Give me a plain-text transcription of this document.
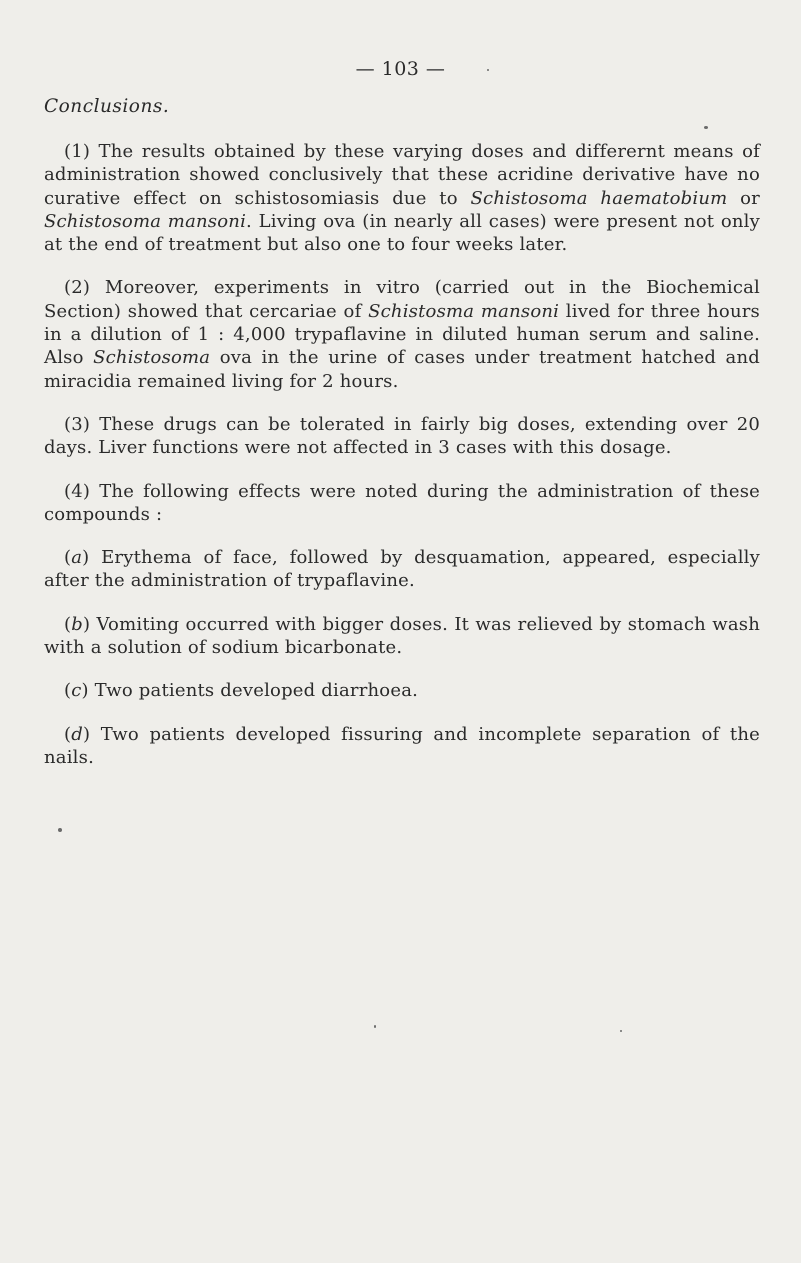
— 103 —
Conclusions.

(1) The results obtained by these varying doses and differernt means of administration showed conclusively that these acridine derivative have no curative effect on schistosomiasis due to Schistosoma haematobium or Schistosoma mansoni. Living ova (in nearly all cases) were present not only at the end of treatment but also one to four weeks later.

(2) Moreover, experiments in vitro (carried out in the Biochemical Section) showed that cercariae of Schistosma mansoni lived for three hours in a dilution of 1 : 4,000 trypaflavine in diluted human serum and saline. Also Schistosoma ova in the urine of cases under treatment hatched and miracidia remained living for 2 hours.

(3) These drugs can be tolerated in fairly big doses, extending over 20 days. Liver functions were not affected in 3 cases with this dosage.

(4) The following effects were noted during the administration of these compounds :

(a) Erythema of face, followed by desquamation, appeared, especially after the administration of trypaflavine.

(b) Vomiting occurred with bigger doses. It was relieved by stomach wash with a solution of sodium bicarbonate.

(c) Two patients developed diarrhoea.

(d) Two patients developed fissuring and incomplete separation of the nails.
